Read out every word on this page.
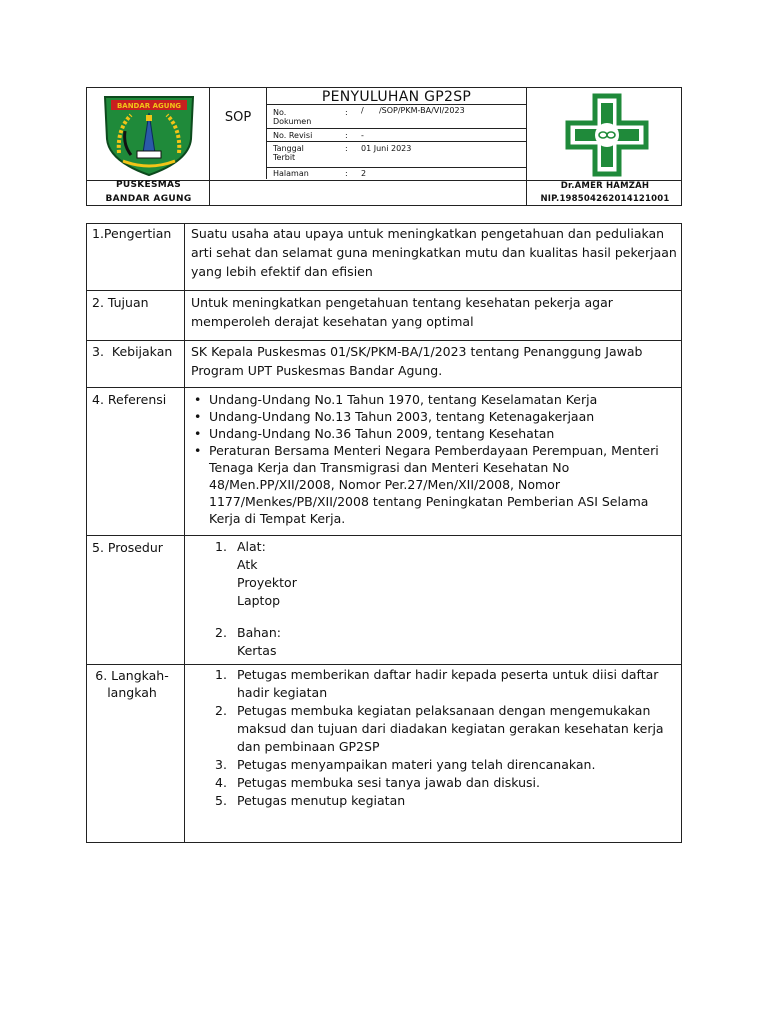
BANDAR AGUNG
PUSKESMAS
BANDAR AGUNG
SOP
PENYULUHAN GP2SP
No. Dokumen
: /      /SOP/PKM-BA/VI/2023
No. Revisi	: -
Tanggal Terbit
: 01 Juni 2023
Halaman	: 2
Dr.AMER HAMZAH
NIP.198504262014121001
1.Pengertian	Suatu usaha atau upaya untuk meningkatkan pengetahuan dan peduliakan arti sehat dan selamat guna meningkatkan mutu dan kualitas hasil pekerjaan yang lebih efektif dan efisien
2. Tujuan	Untuk meningkatkan pengetahuan tentang kesehatan pekerja agar memperoleh derajat kesehatan yang optimal
3.  Kebijakan	SK Kepala Puskesmas 01/SK/PKM-BA/1/2023 tentang Penanggung Jawab Program UPT Puskesmas Bandar Agung.
4. Referensi
•	Undang-Undang No.1 Tahun 1970, tentang Keselamatan Kerja
• Undang-Undang No.13 Tahun 2003, tentang Ketenagakerjaan
• Undang-Undang No.36 Tahun 2009, tentang Kesehatan
• Peraturan Bersama Menteri Negara Pemberdayaan Perempuan, Menteri Tenaga Kerja dan Transmigrasi dan Menteri Kesehatan No 48/Men.PP/XII/2008, Nomor Per.27/Men/XII/2008, Nomor 1177/Menkes/PB/XII/2008 tentang Peningkatan Pemberian ASI Selama Kerja di Tempat Kerja.
5. Prosedur	1. Alat:
Atk
Proyektor
Laptop
2. Bahan:
Kertas
6. Langkah-
langkah
1. Petugas memberikan daftar hadir kepada peserta untuk diisi daftar hadir kegiatan
2. Petugas membuka kegiatan pelaksanaan dengan mengemukakan maksud dan tujuan dari diadakan kegiatan gerakan kesehatan kerja dan pembinaan GP2SP
3. Petugas menyampaikan materi yang telah direncanakan.
4. Petugas membuka sesi tanya jawab dan diskusi.
5. Petugas menutup kegiatan
